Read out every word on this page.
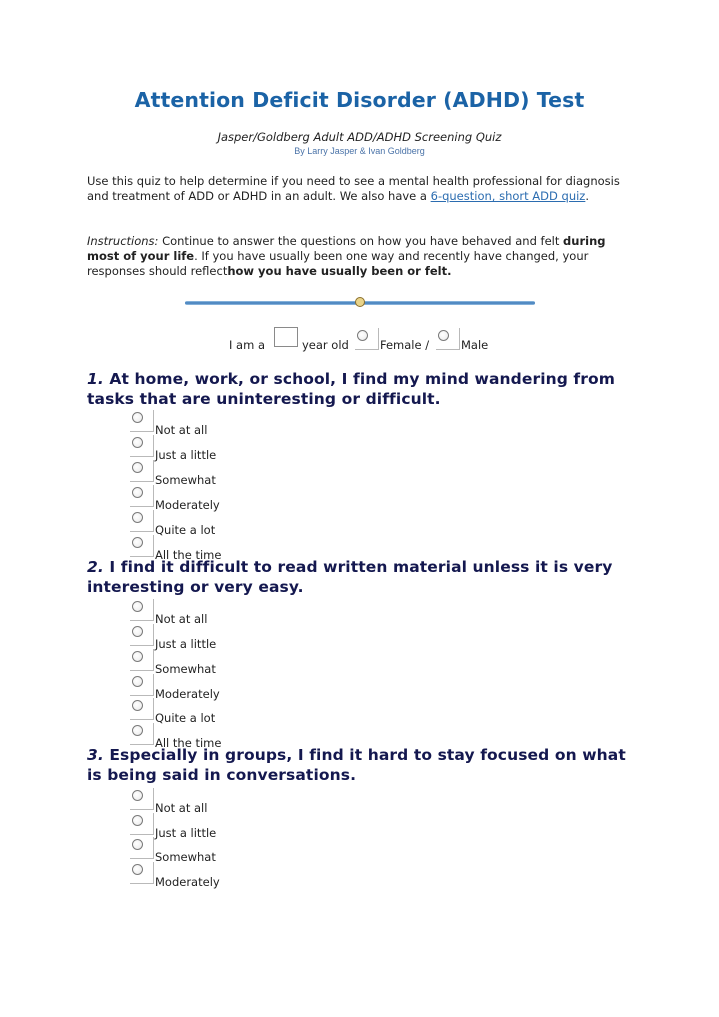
Attention Deficit Disorder (ADHD) Test
Jasper/Goldberg Adult ADD/ADHD Screening Quiz
By Larry Jasper & Ivan Goldberg
Use this quiz to help determine if you need to see a mental health professional for diagnosis and treatment of ADD or ADHD in an adult. We also have a 6-question, short ADD quiz.
Instructions: Continue to answer the questions on how you have behaved and felt during most of your life. If you have usually been one way and recently have changed, your responses should reflecthow you have usually been or felt.
I am a	year old	Female /	Male
1. At home, work, or school, I find my mind wandering from tasks that are uninteresting or difficult.
Not at all
Just a little
Somewhat
Moderately
Quite a lot
All the time
2. I find it difficult to read written material unless it is very interesting or very easy.
Not at all
Just a little
Somewhat
Moderately
Quite a lot
All the time
3. Especially in groups, I find it hard to stay focused on what is being said in conversations.
Not at all
Just a little
Somewhat
Moderately
